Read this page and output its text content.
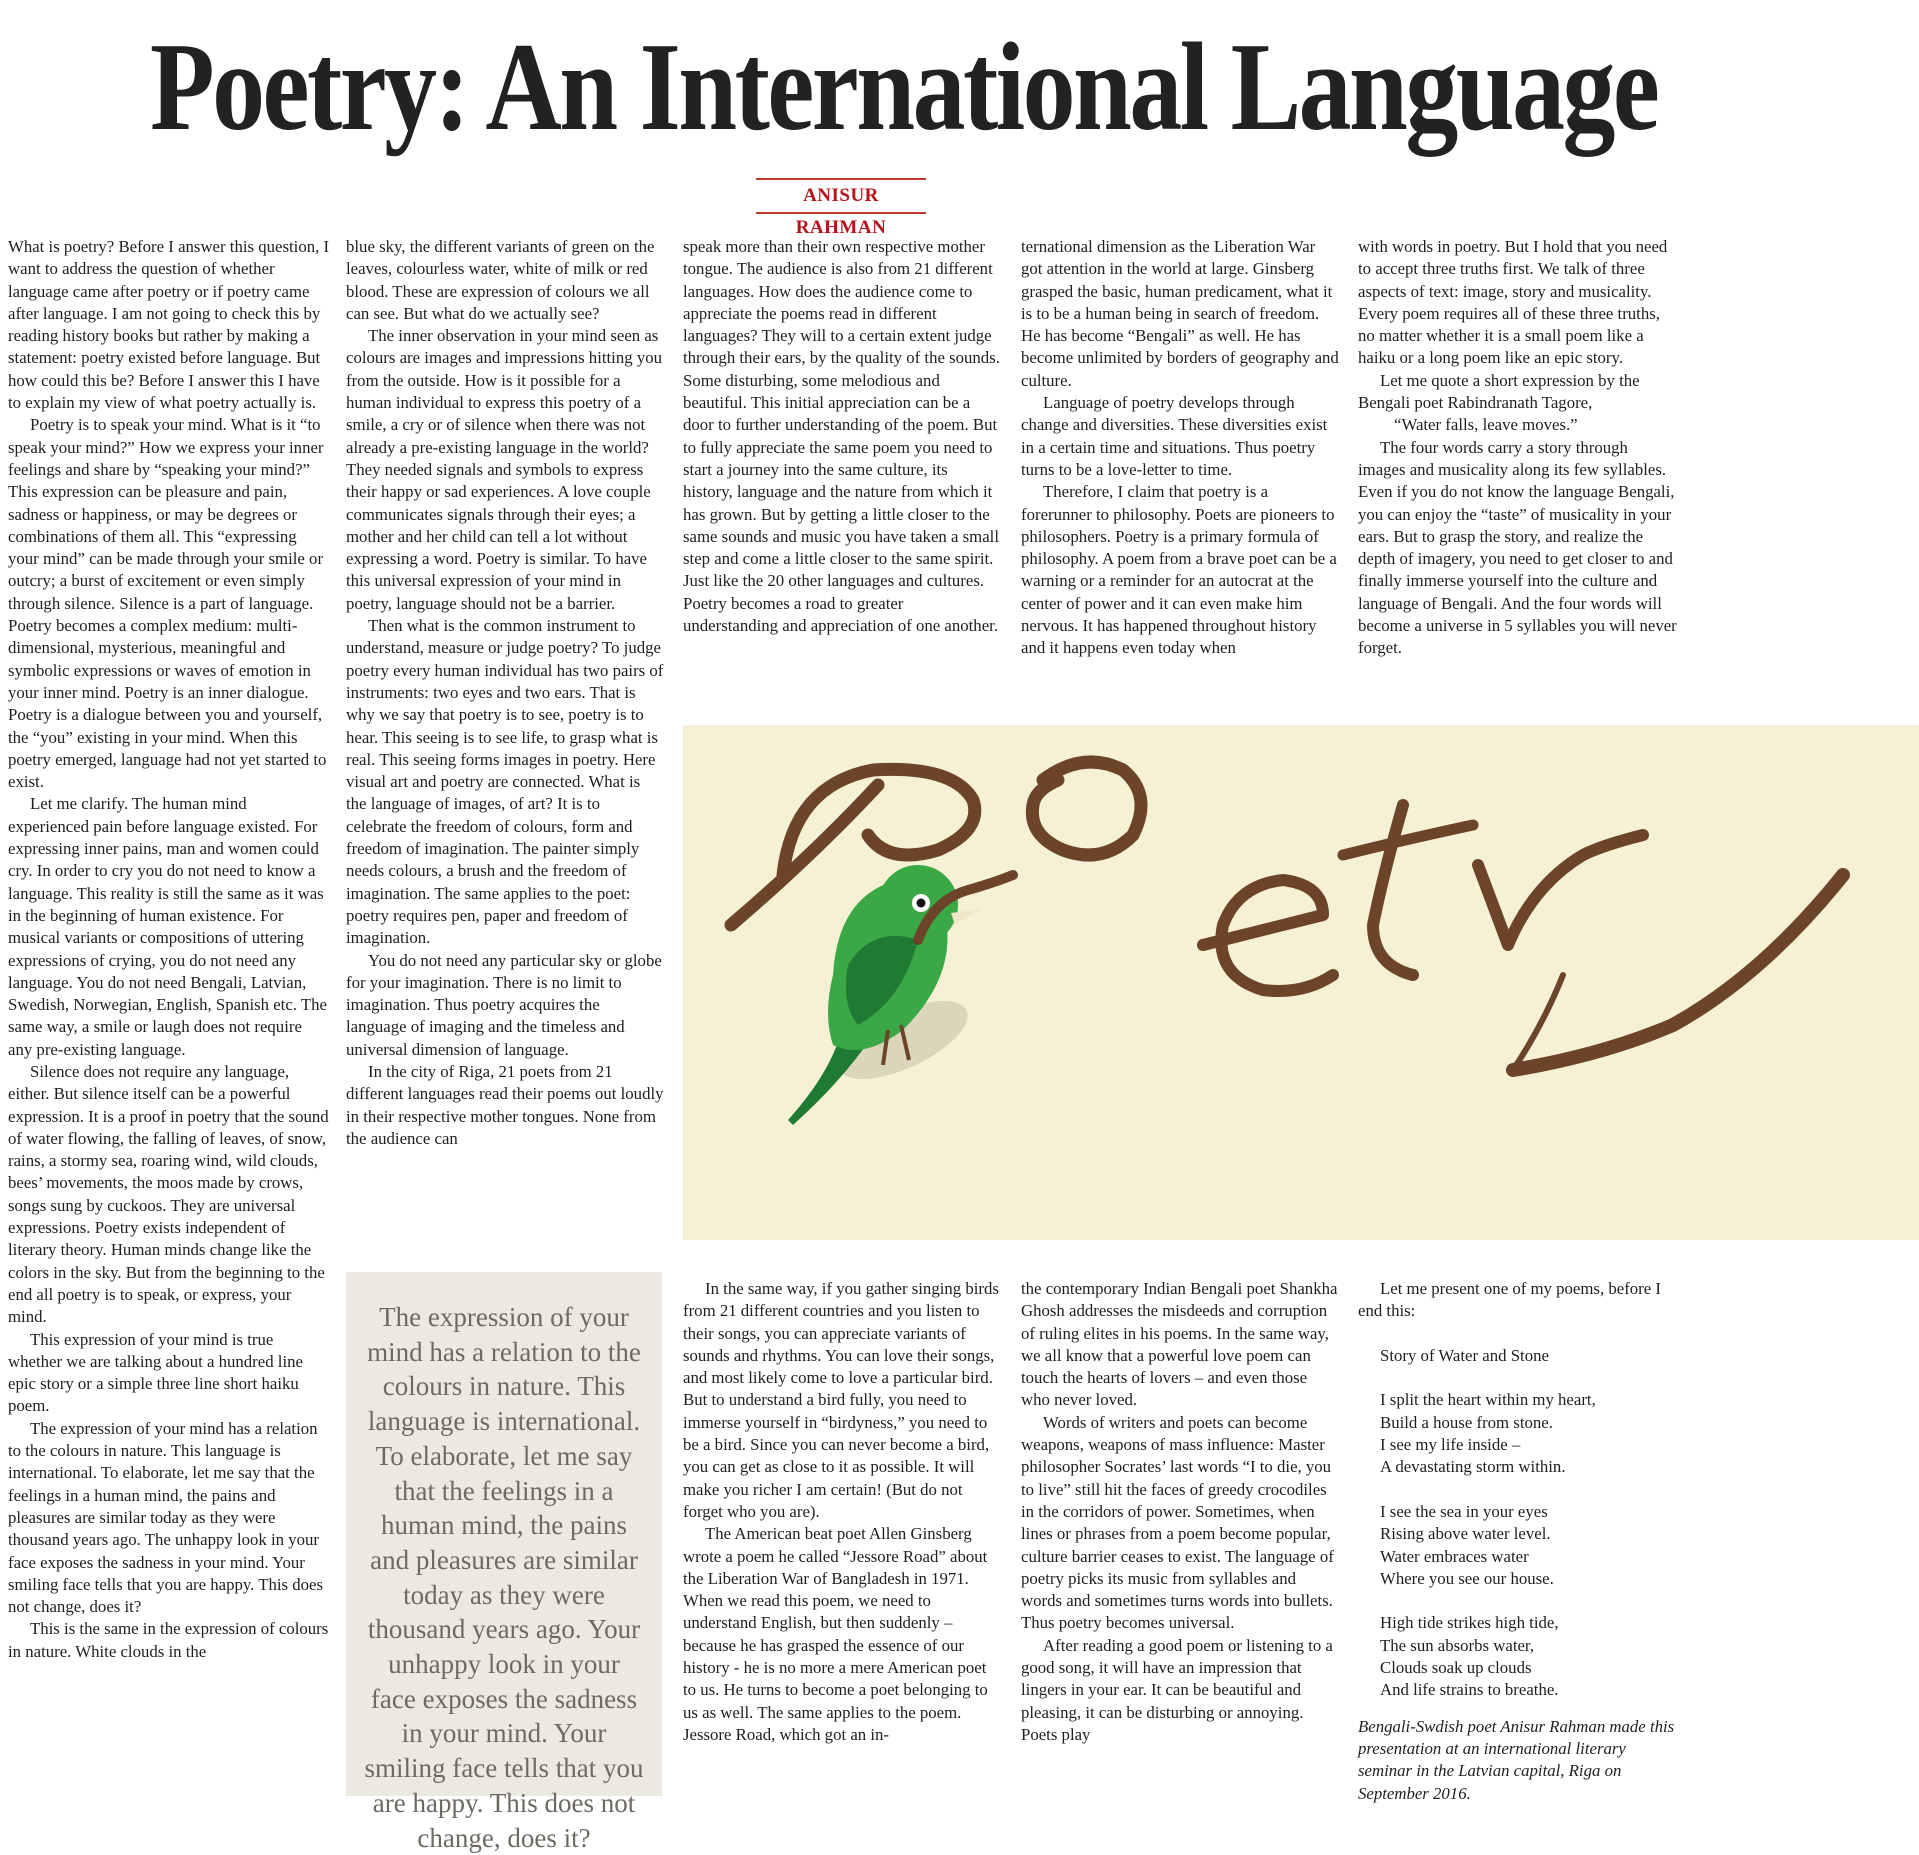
Poetry: An International Language
ANISUR RAHMAN

What is poetry? Before I answer this question, I want to address the question of whether language came after poetry or if poetry came after language. I am not going to check this by reading history books but rather by making a statement: poetry existed before language. But how could this be? Before I answer this I have to explain my view of what poetry actually is.

Poetry is to speak your mind. What is it “to speak your mind?” How we express your inner feelings and share by “speaking your mind?” This expression can be pleasure and pain, sadness or happiness, or may be degrees or combinations of them all. This “expressing your mind” can be made through your smile or outcry; a burst of excitement or even simply through silence. Silence is a part of language. Poetry becomes a complex medium: multi-dimensional, mysterious, meaningful and symbolic expressions or waves of emotion in your inner mind. Poetry is an inner dialogue. Poetry is a dialogue between you and yourself, the “you” existing in your mind. When this poetry emerged, language had not yet started to exist.

Let me clarify. The human mind experienced pain before language existed. For expressing inner pains, man and women could cry. In order to cry you do not need to know a language. This reality is still the same as it was in the beginning of human existence. For musical variants or compositions of uttering expressions of crying, you do not need any language. You do not need Bengali, Latvian, Swedish, Norwegian, English, Spanish etc. The same way, a smile or laugh does not require any pre-existing language.

Silence does not require any language, either. But silence itself can be a powerful expression. It is a proof in poetry that the sound of water flowing, the falling of leaves, of snow, rains, a stormy sea, roaring wind, wild clouds, bees’ movements, the moos made by crows, songs sung by cuckoos. They are universal expressions. Poetry exists independent of literary theory. Human minds change like the colors in the sky. But from the beginning to the end all poetry is to speak, or express, your mind.

This expression of your mind is true whether we are talking about a hundred line epic story or a simple three line short haiku poem.

The expression of your mind has a relation to the colours in nature. This language is international. To elaborate, let me say that the feelings in a human mind, the pains and pleasures are similar today as they were thousand years ago. The unhappy look in your face exposes the sadness in your mind. Your smiling face tells that you are happy. This does not change, does it?

This is the same in the expression of colours in nature. White clouds in the

blue sky, the different variants of green on the leaves, colourless water, white of milk or red blood. These are expression of colours we all can see. But what do we actually see?

The inner observation in your mind seen as colours are images and impressions hitting you from the outside. How is it possible for a human individual to express this poetry of a smile, a cry or of silence when there was not already a pre-existing language in the world? They needed signals and symbols to express their happy or sad experiences. A love couple communicates signals through their eyes; a mother and her child can tell a lot without expressing a word. Poetry is similar. To have this universal expression of your mind in poetry, language should not be a barrier.

Then what is the common instrument to understand, measure or judge poetry? To judge poetry every human individual has two pairs of instruments: two eyes and two ears. That is why we say that poetry is to see, poetry is to hear. This seeing is to see life, to grasp what is real. This seeing forms images in poetry. Here visual art and poetry are connected. What is the language of images, of art? It is to celebrate the freedom of colours, form and freedom of imagination. The painter simply needs colours, a brush and the freedom of imagination. The same applies to the poet: poetry requires pen, paper and freedom of imagination.

You do not need any particular sky or globe for your imagination. There is no limit to imagination. Thus poetry acquires the language of imaging and the timeless and universal dimension of language.

In the city of Riga, 21 poets from 21 different languages read their poems out loudly in their respective mother tongues. None from the audience can

speak more than their own respective mother tongue. The audience is also from 21 different languages. How does the audience come to appreciate the poems read in different languages? They will to a certain extent judge through their ears, by the quality of the sounds. Some disturbing, some melodious and beautiful. This initial appreciation can be a door to further understanding of the poem. But to fully appreciate the same poem you need to start a journey into the same culture, its history, language and the nature from which it has grown. But by getting a little closer to the same sounds and music you have taken a small step and come a little closer to the same spirit. Just like the 20 other languages and cultures. Poetry becomes a road to greater understanding and appreciation of one another.

ternational dimension as the Liberation War got attention in the world at large. Ginsberg grasped the basic, human predicament, what it is to be a human being in search of freedom. He has become “Bengali” as well. He has become unlimited by borders of geography and culture.

Language of poetry develops through change and diversities. These diversities exist in a certain time and situations. Thus poetry turns to be a love-letter to time.

Therefore, I claim that poetry is a forerunner to philosophy. Poets are pioneers to philosophers. Poetry is a primary formula of philosophy. A poem from a brave poet can be a warning or a reminder for an autocrat at the center of power and it can even make him nervous. It has happened throughout history and it happens even today when

with words in poetry. But I hold that you need to accept three truths first. We talk of three aspects of text: image, story and musicality. Every poem requires all of these three truths, no matter whether it is a small poem like a haiku or a long poem like an epic story.

Let me quote a short expression by the Bengali poet Rabindranath Tagore,

“Water falls, leave moves.”

The four words carry a story through images and musicality along its few syllables. Even if you do not know the language Bengali, you can enjoy the “taste” of musicality in your ears. But to grasp the story, and realize the depth of imagery, you need to get closer to and finally immerse yourself into the culture and language of Bengali. And the four words will become a universe in 5 syllables you will never forget.

The expression of your mind has a relation to the colours in nature. This language is international. To elaborate, let me say that the feelings in a human mind, the pains and pleasures are similar today as they were thousand years ago. Your unhappy look in your face exposes the sadness in your mind. Your smiling face tells that you are happy. This does not change, does it?

In the same way, if you gather singing birds from 21 different countries and you listen to their songs, you can appreciate variants of sounds and rhythms. You can love their songs, and most likely come to love a particular bird. But to understand a bird fully, you need to immerse yourself in “birdyness,” you need to be a bird. Since you can never become a bird, you can get as close to it as possible. It will make you richer I am certain! (But do not forget who you are).

The American beat poet Allen Ginsberg wrote a poem he called “Jessore Road” about the Liberation War of Bangladesh in 1971. When we read this poem, we need to understand English, but then suddenly – because he has grasped the essence of our history - he is no more a mere American poet to us. He turns to become a poet belonging to us as well. The same applies to the poem. Jessore Road, which got an in-

the contemporary Indian Bengali poet Shankha Ghosh addresses the misdeeds and corruption of ruling elites in his poems. In the same way, we all know that a powerful love poem can touch the hearts of lovers – and even those who never loved.

Words of writers and poets can become weapons, weapons of mass influence: Master philosopher Socrates’ last words “I to die, you to live” still hit the faces of greedy crocodiles in the corridors of power. Sometimes, when lines or phrases from a poem become popular, culture barrier ceases to exist. The language of poetry picks its music from syllables and words and sometimes turns words into bullets. Thus poetry becomes universal.

After reading a good poem or listening to a good song, it will have an impression that lingers in your ear. It can be beautiful and pleasing, it can be disturbing or annoying. Poets play

Let me present one of my poems, before I end this:

Story of Water and Stone
I split the heart within my heart,
Build a house from stone.
I see my life inside –
A devastating storm within.
I see the sea in your eyes
Rising above water level.
Water embraces water
Where you see our house.
High tide strikes high tide,
The sun absorbs water,
Clouds soak up clouds
And life strains to breathe.

Bengali-Swdish poet Anisur Rahman made this presentation at an international literary seminar in the Latvian capital, Riga on September 2016.
